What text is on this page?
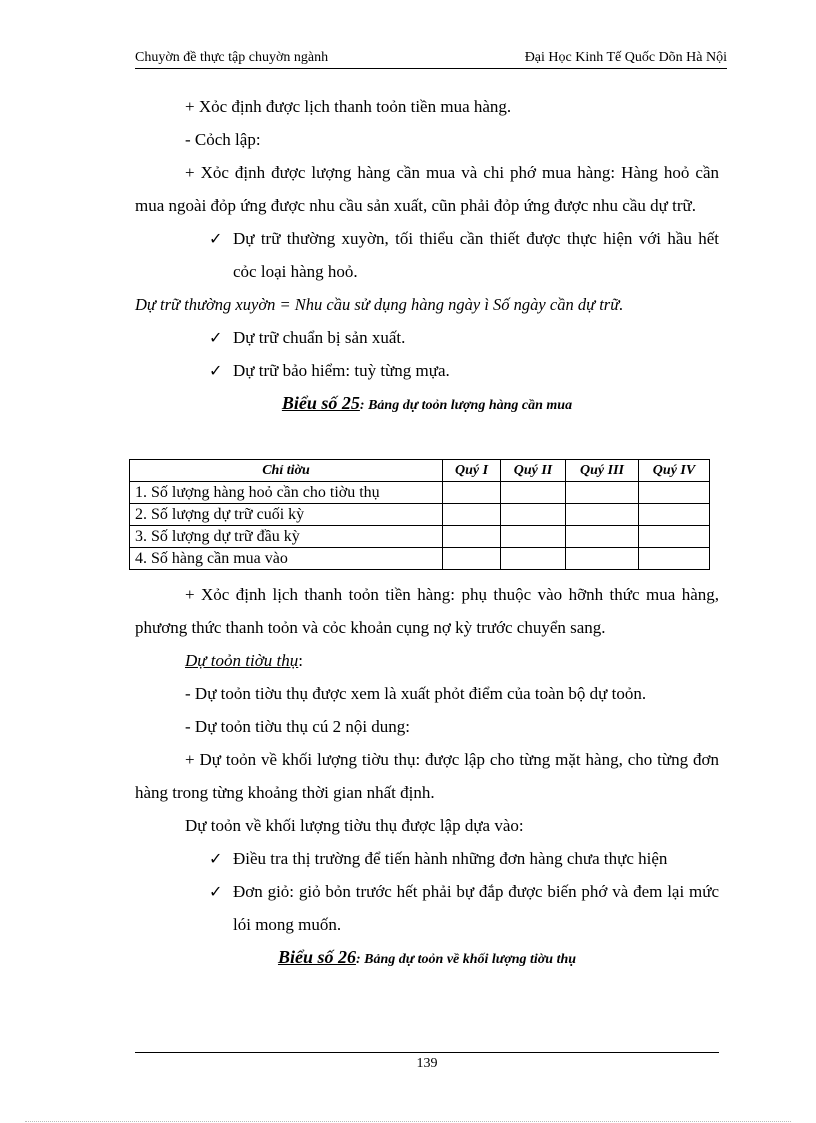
Chuyờn đề thực tập chuyờn ngành	Đại Học Kinh Tế Quốc Dõn Hà Nội

+ Xỏc định được lịch thanh toỏn tiền mua hàng.

- Cỏch lập:

+ Xỏc định được lượng hàng cần mua và chi phớ mua hàng: Hàng hoỏ cần mua ngoài đỏp ứng được nhu cầu sản xuất, cũn phải đỏp ứng được nhu cầu dự trữ.

✓ Dự trữ thường xuyờn, tối thiểu cần thiết được thực hiện với hầu hết cỏc loại hàng hoỏ.

Dự trữ thường xuyờn = Nhu cầu sử dụng hàng ngày ì Số ngày cần dự trữ.

✓ Dự trữ chuẩn bị sản xuất.

✓ Dự trữ bảo hiểm: tuỳ từng mựa.

Biểu số 25: Bảng dự toỏn lượng hàng cần mua

+ Xỏc định lịch thanh toỏn tiền hàng: phụ thuộc vào hỡnh thức mua hàng, phương thức thanh toỏn và cỏc khoản cụng nợ kỳ trước chuyển sang.

Dự toỏn tiờu thụ:

- Dự toỏn tiờu thụ được xem là xuất phỏt điểm của toàn bộ dự toỏn.

- Dự toỏn tiờu thụ cú 2 nội dung:

+ Dự toỏn về khối lượng tiờu thụ: được lập cho từng mặt hàng, cho từng đơn hàng trong từng khoảng thời gian nhất định.

Dự toỏn về khối lượng tiờu thụ được lập dựa vào:

✓ Điều tra thị trường để tiến hành những đơn hàng chưa thực hiện

✓ Đơn giỏ: giỏ bỏn trước hết phải bự đắp được biến phớ và đem lại mức lói mong muốn.

Biểu số 26: Bảng dự toỏn về khối lượng tiờu thụ

Chỉ tiờu	Quý I	Quý II	Quý III	Quý IV
1. Số lượng hàng hoỏ cần cho tiờu thụ				
2. Số lượng dự trữ cuối kỳ				
3. Số lượng dự trữ đầu kỳ				
4. Số hàng cần mua vào				
139
